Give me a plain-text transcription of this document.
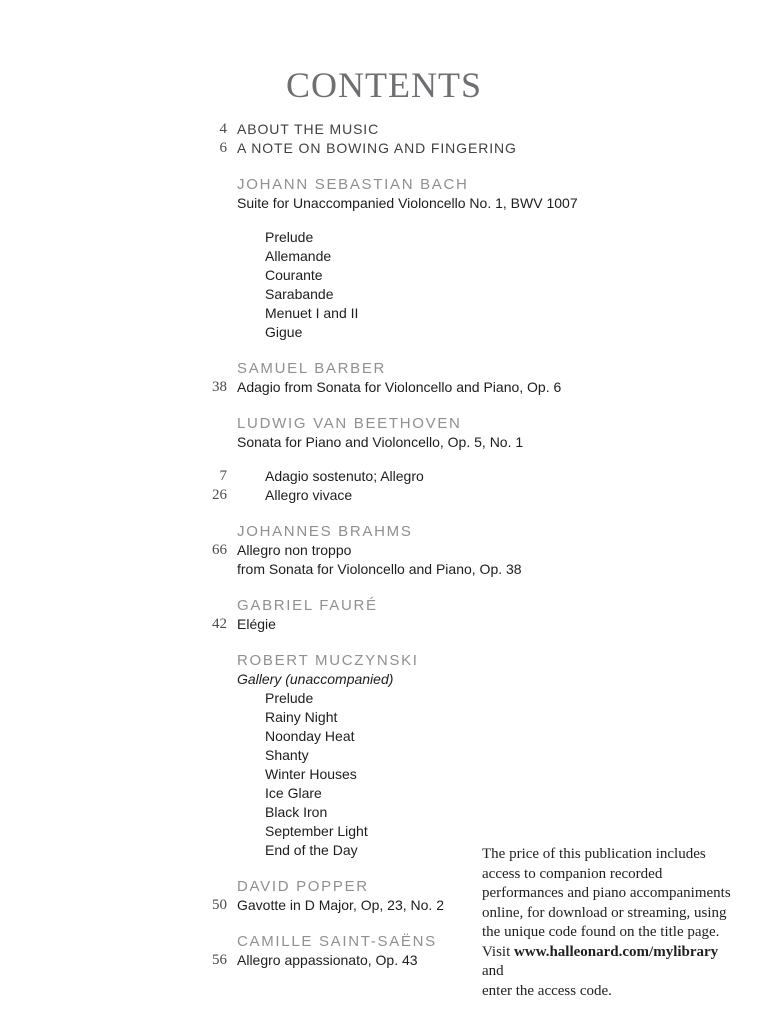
CONTENTS
4 ABOUT THE MUSIC
6 A NOTE ON BOWING AND FINGERING
JOHANN SEBASTIAN BACH
Suite for Unaccompanied Violoncello No. 1, BWV 1007
Prelude
Allemande
Courante
Sarabande
Menuet I and II
Gigue
SAMUEL BARBER
38 Adagio from Sonata for Violoncello and Piano, Op. 6
LUDWIG VAN BEETHOVEN
Sonata for Piano and Violoncello, Op. 5, No. 1
7	Adagio sostenuto; Allegro
26	Allegro vivace
JOHANNES BRAHMS
66 Allegro non troppo
from Sonata for Violoncello and Piano, Op. 38
GABRIEL FAURÉ
42 Elégie
ROBERT MUCZYNSKI
Gallery (unaccompanied)
Prelude
Rainy Night
Noonday Heat
Shanty
Winter Houses
Ice Glare
Black Iron
September Light
End of the Day
DAVID POPPER
50 Gavotte in D Major, Op, 23, No. 2
CAMILLE SAINT-SAËNS
56 Allegro appassionato, Op. 43
The price of this publication includes
access to companion recorded
performances and piano accompaniments
online, for download or streaming, using
the unique code found on the title page.
Visit www.halleonard.com/mylibrary and
enter the access code.
